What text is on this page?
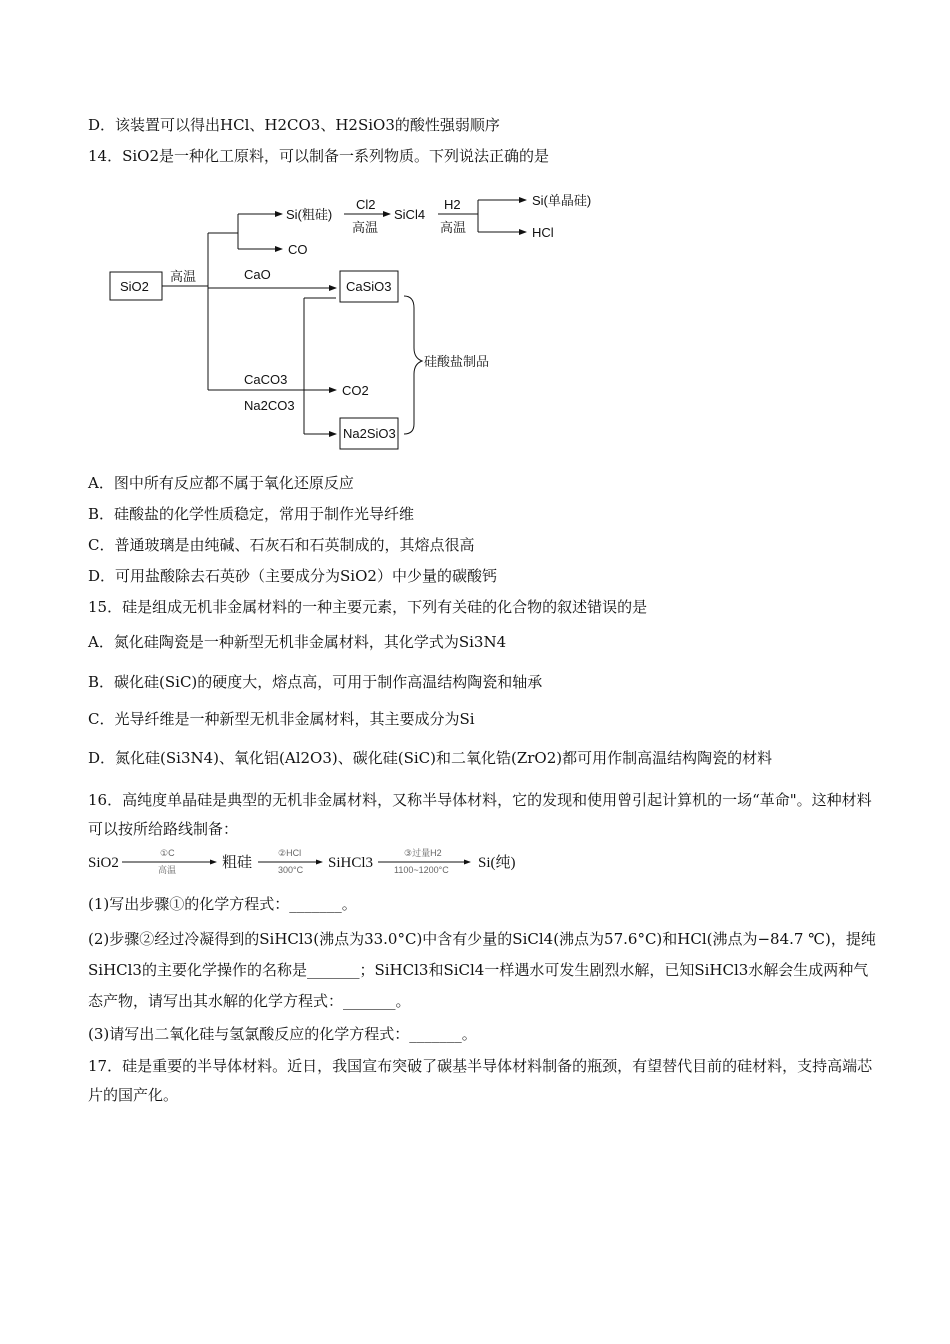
D．该装置可以得出HCl、H2CO3、H2SiO3的酸性强弱顺序
14．SiO2是一种化工原料，可以制备一系列物质。下列说法正确的是
SiO2
高温
Si(粗硅)
CO
Cl2
高温
SiCl4
H2
高温
Si(单晶硅)
HCl
CaO
CaSiO3
CaCO3
Na2CO3
CO2
Na2SiO3
硅酸盐制品
A．图中所有反应都不属于氧化还原反应
B．硅酸盐的化学性质稳定，常用于制作光导纤维
C．普通玻璃是由纯碱、石灰石和石英制成的，其熔点很高
D．可用盐酸除去石英砂（主要成分为SiO2）中少量的碳酸钙
15．硅是组成无机非金属材料的一种主要元素，下列有关硅的化合物的叙述错误的是
A．氮化硅陶瓷是一种新型无机非金属材料，其化学式为Si3N4
B．碳化硅(SiC)的硬度大，熔点高，可用于制作高温结构陶瓷和轴承
C．光导纤维是一种新型无机非金属材料，其主要成分为Si
D．氮化硅(Si3N4)、氧化铝(Al2O3)、碳化硅(SiC)和二氧化锆(ZrO2)都可用作制高温结构陶瓷的材料
16．高纯度单晶硅是典型的无机非金属材料，又称半导体材料，它的发现和使用曾引起计算机的一场“革命"。这种材料可以按所给路线制备：
SiO2
①C
高温	粗硅
②HCl
300°C SiHCl3
③过量H2
1100~1200°C Si(纯)
(1)写出步骤①的化学方程式：_______。
(2)步骤②经过冷凝得到的SiHCl3(沸点为33.0°C)中含有少量的SiCl4(沸点为57.6°C)和HCl(沸点为−84.7 ℃)，提纯SiHCl3的主要化学操作的名称是_______；SiHCl3和SiCl4一样遇水可发生剧烈水解，已知SiHCl3水解会生成两种气态产物，请写出其水解的化学方程式：_______。
(3)请写出二氧化硅与氢氯酸反应的化学方程式：_______。
17．硅是重要的半导体材料。近日，我国宣布突破了碳基半导体材料制备的瓶颈，有望替代目前的硅材料，支持高端芯片的国产化。
